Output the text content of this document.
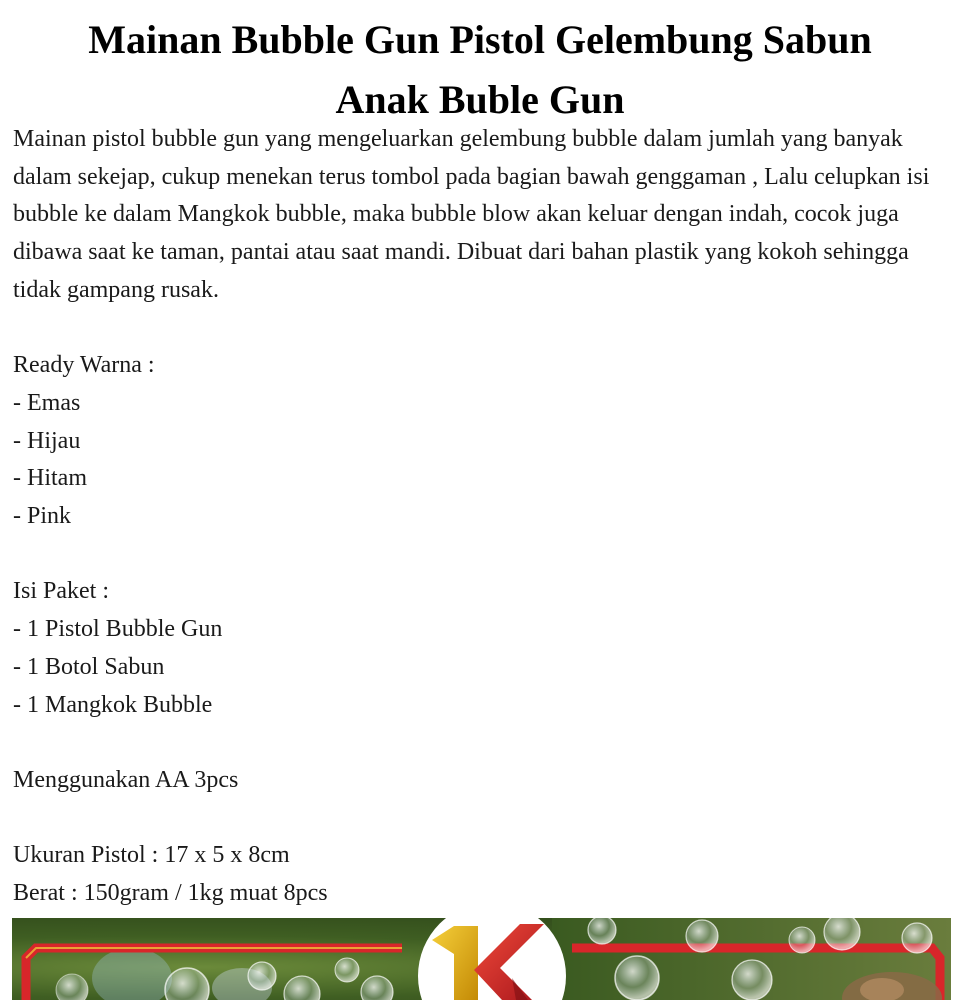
Mainan Bubble Gun Pistol Gelembung Sabun Anak Buble Gun

Mainan pistol bubble gun yang mengeluarkan gelembung bubble dalam jumlah yang banyak dalam sekejap, cukup menekan terus tombol pada bagian bawah genggaman , Lalu celupkan isi bubble ke dalam Mangkok bubble, maka bubble blow akan keluar dengan indah, cocok juga dibawa saat ke taman, pantai atau saat mandi. Dibuat dari bahan plastik yang kokoh sehingga tidak gampang rusak.

Ready Warna :

- Emas

- Hijau

- Hitam

- Pink

Isi Paket :

- 1 Pistol Bubble Gun

- 1 Botol Sabun

- 1 Mangkok Bubble

Menggunakan AA 3pcs

Ukuran Pistol : 17 x 5 x 8cm

Berat : 150gram / 1kg muat 8pcs
